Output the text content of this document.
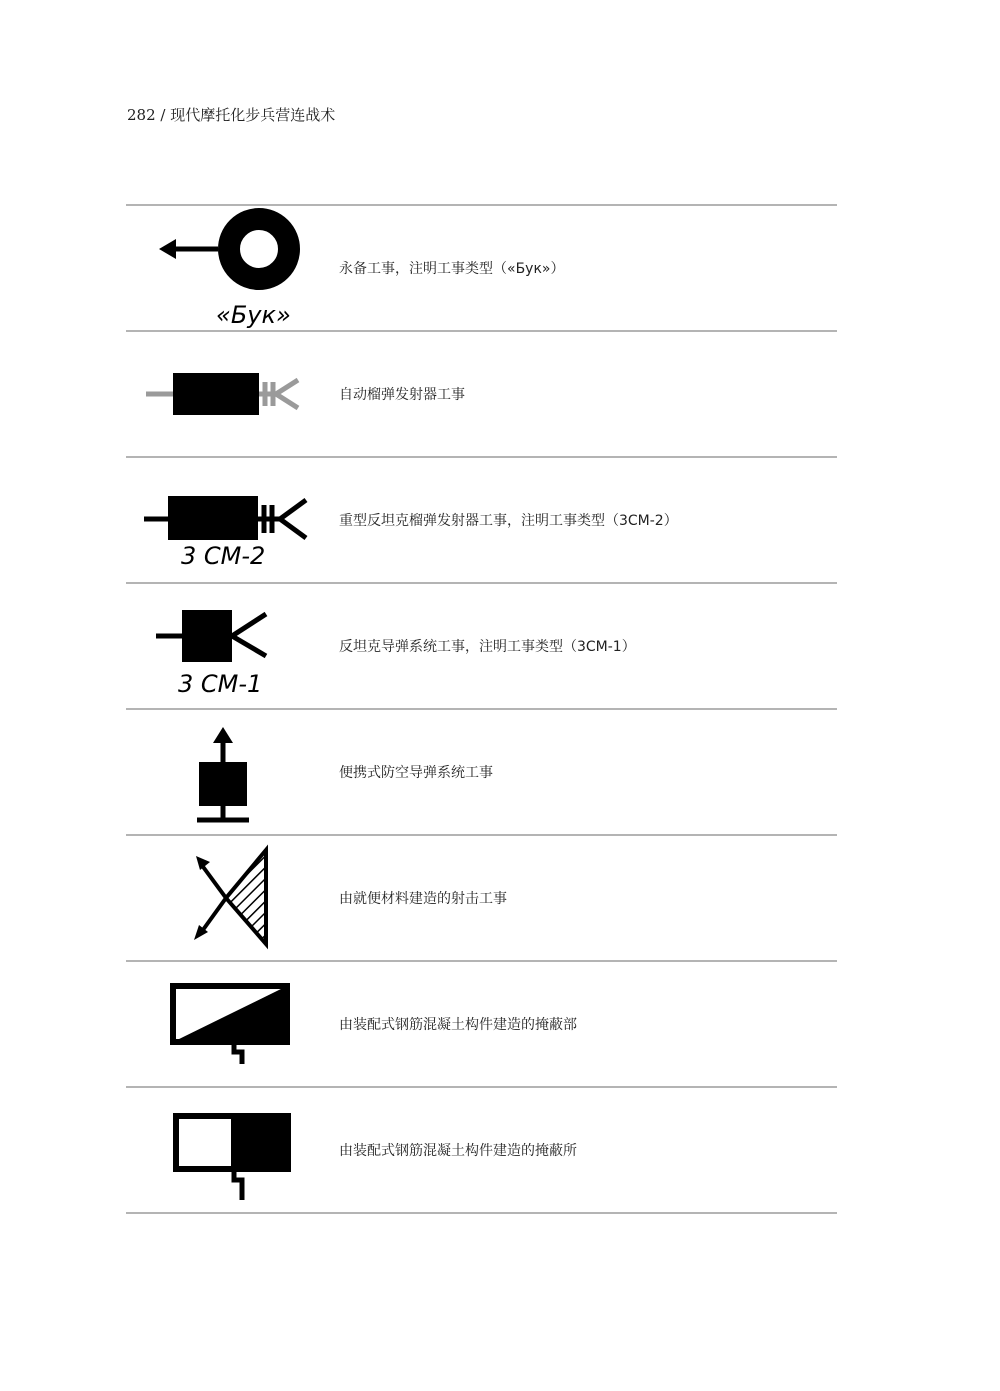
282 / 现代摩托化步兵营连战术
«Бук»
永备工事，注明工事类型（«Бук»）
自动榴弹发射器工事
3 СМ-2
重型反坦克榴弹发射器工事，注明工事类型（3СМ-2）
3 СМ-1
反坦克导弹系统工事，注明工事类型（3СМ-1）
便携式防空导弹系统工事
由就便材料建造的射击工事
由装配式钢筋混凝土构件建造的掩蔽部
由装配式钢筋混凝土构件建造的掩蔽所
